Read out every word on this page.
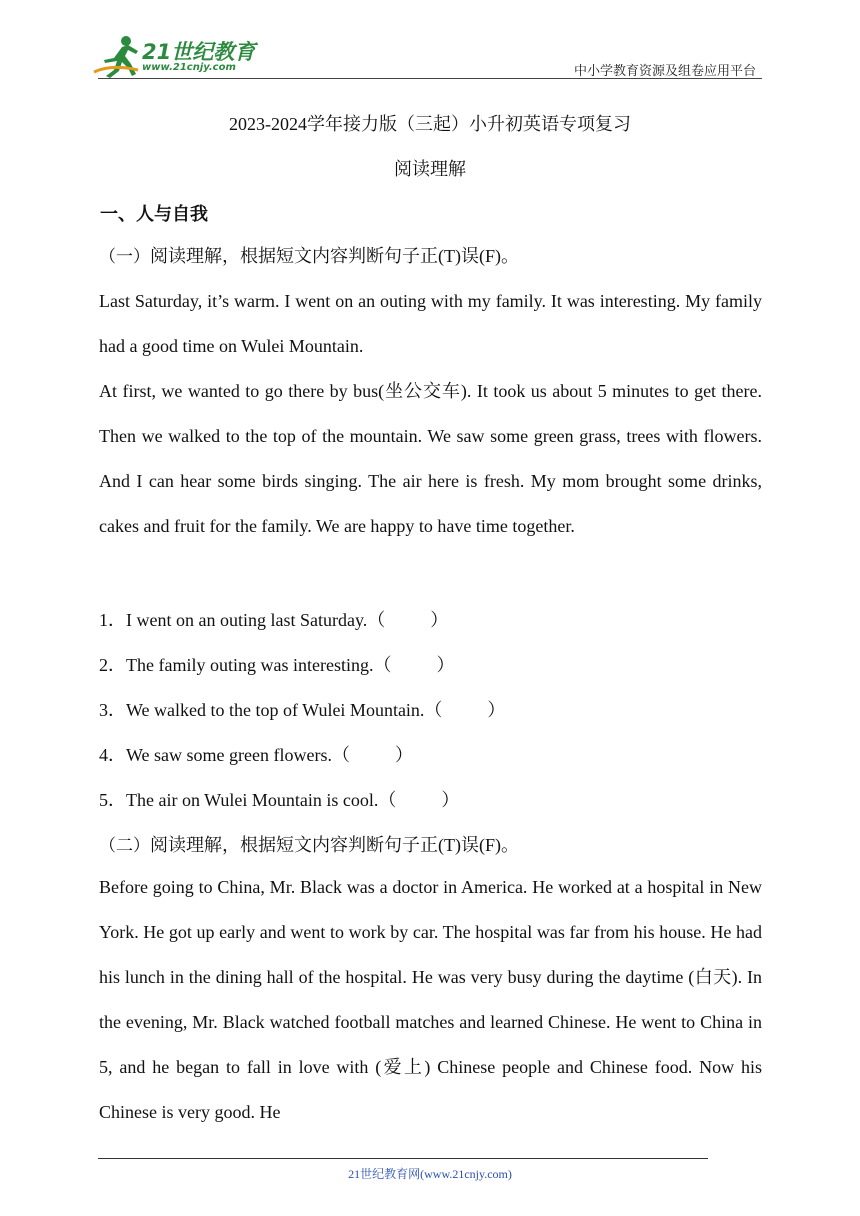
21世纪教育
www.21cnjy.com	中小学教育资源及组卷应用平台
2023-2024学年接力版（三起）小升初英语专项复习
阅读理解
一、人与自我
（一）阅读理解，根据短文内容判断句子正(T)误(F)。

Last Saturday, it’s warm. I went on an outing with my family. It was interesting. My family had a good time on Wulei Mountain.

At first, we wanted to go there by bus(坐公交车). It took us about 5 minutes to get there. Then we walked to the top of the mountain. We saw some green grass, trees with flowers. And I can hear some birds singing. The air here is fresh. My mom brought some drinks, cakes and fruit for the family. We are happy to have time together.

1．I went on an outing last Saturday.（          ）
2．The family outing was interesting.（          ）
3．We walked to the top of Wulei Mountain.（          ）
4．We saw some green flowers.（          ）
5．The air on Wulei Mountain is cool.（          ）
（二）阅读理解，根据短文内容判断句子正(T)误(F)。

Before going to China, Mr. Black was a doctor in America. He worked at a hospital in New York. He got up early and went to work by car. The hospital was far from his house. He had his lunch in the dining hall of the hospital. He was very busy during the daytime (白天). In the evening, Mr. Black watched football matches and learned Chinese. He went to China in 5, and he began to fall in love with (爱上) Chinese people and Chinese food. Now his Chinese is very good. He

21世纪教育网(www.21cnjy.com)
